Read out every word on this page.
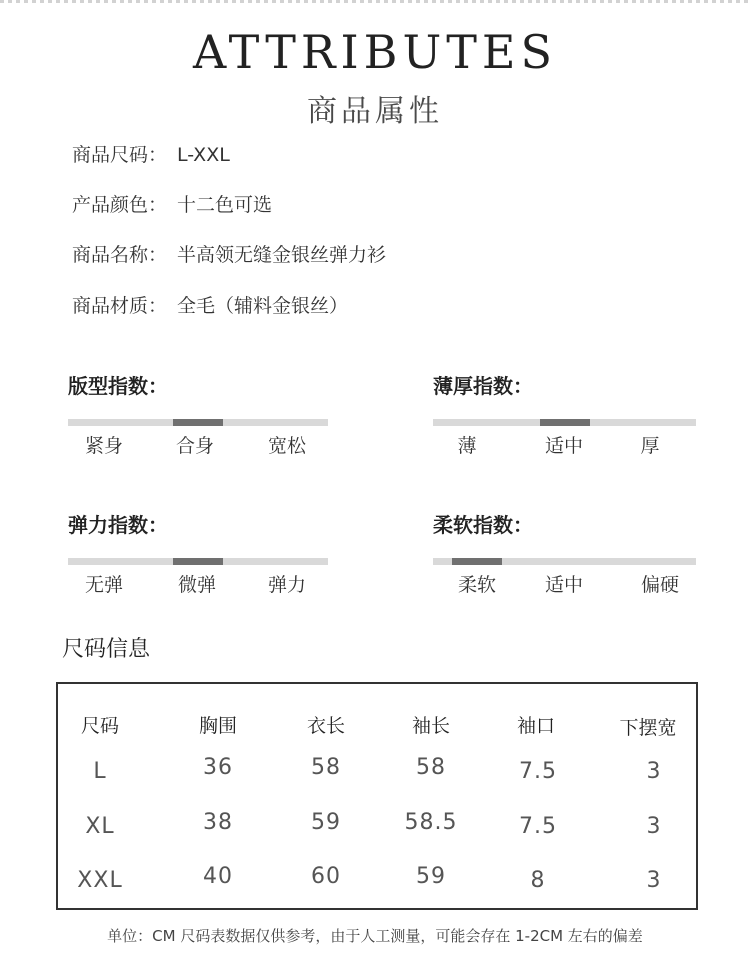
ATTRIBUTES
商品属性
商品尺码： L-XXL
产品颜色： 十二色可选
商品名称： 半高领无缝金银丝弹力衫
商品材质： 全毛（辅料金银丝）
版型指数：
紧身	合身	宽松
薄厚指数：
薄	适中	厚
弹力指数：
无弹	微弹	弹力
柔软指数：
柔软	适中	偏硬
尺码信息
尺码	胸围	衣长	袖长	袖口	下摆宽
L	36	58	58	7.5	3
XL	38	59	58.5	7.5	3
XXL	40	60	59	8	3
单位：CM 尺码表数据仅供参考，由于人工测量，可能会存在 1-2CM 左右的偏差
